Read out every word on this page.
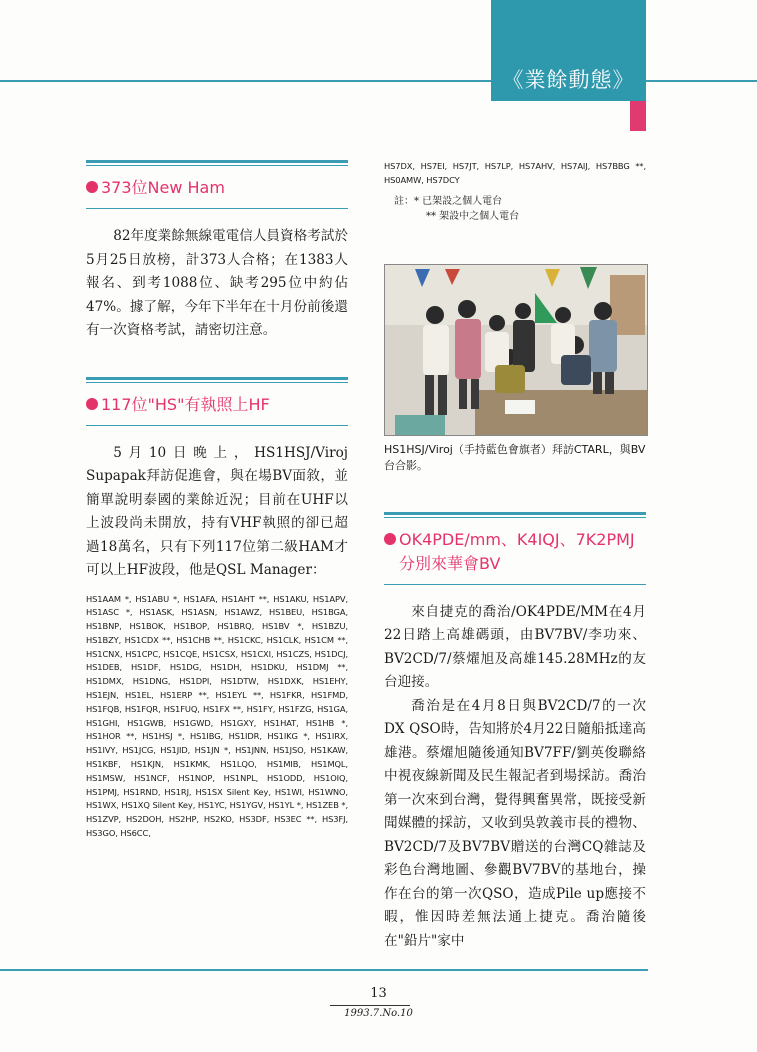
《業餘動態》
373位New Ham

82年度業餘無線電電信人員資格考試於5月25日放榜，計373人合格；在1383人報名、到考1088位、缺考295位中約佔47%。據了解，今年下半年在十月份前後還有一次資格考試，請密切注意。

117位"HS"有執照上HF

5月10日晚上，HS1HSJ/Viroj Supapak拜訪促進會，與在場BV面敘，並簡單說明泰國的業餘近況；目前在UHF以上波段尚未開放，持有VHF執照的卻已超過18萬名，只有下列117位第二級HAM才可以上HF波段，他是QSL Manager：

HS1AAM *, HS1ABU *, HS1AFA, HS1AHT **, HS1AKU, HS1APV, HS1ASC *, HS1ASK, HS1ASN, HS1AWZ, HS1BEU, HS1BGA, HS1BNP, HS1BOK, HS1BOP, HS1BRQ, HS1BV *, HS1BZU, HS1BZY, HS1CDX **, HS1CHB **, HS1CKC, HS1CLK, HS1CM **, HS1CNX, HS1CPC, HS1CQE, HS1CSX, HS1CXI, HS1CZS, HS1DCJ, HS1DEB, HS1DF, HS1DG, HS1DH, HS1DKU, HS1DMJ **, HS1DMX, HS1DNG, HS1DPI, HS1DTW, HS1DXK, HS1EHY, HS1EJN, HS1EL, HS1ERP **, HS1EYL **, HS1FKR, HS1FMD, HS1FQB, HS1FQR, HS1FUQ, HS1FX **, HS1FY, HS1FZG, HS1GA, HS1GHI, HS1GWB, HS1GWD, HS1GXY, HS1HAT, HS1HB *, HS1HOR **, HS1HSJ *, HS1IBG, HS1IDR, HS1IKG *, HS1IRX, HS1IVY, HS1JCG, HS1JID, HS1JN *, HS1JNN, HS1JSO, HS1KAW, HS1KBF, HS1KJN, HS1KMK, HS1LQO, HS1MIB, HS1MQL, HS1MSW, HS1NCF, HS1NOP, HS1NPL, HS1ODD, HS1OIQ, HS1PMJ, HS1RND, HS1RJ, HS1SX Silent Key, HS1WI, HS1WNO, HS1WX, HS1XQ Silent Key, HS1YC, HS1YGV, HS1YL *, HS1ZEB *, HS1ZVP, HS2DOH, HS2HP, HS2KO, HS3DF, HS3EC **, HS3FJ, HS3GO, HS6CC,

HS7DX, HS7EI, HS7JT, HS7LP, HS7AHV, HS7AIJ, HS7BBG **, HS0AMW, HS7DCY

註：* 已架設之個人電台
** 架設中之個人電台
HS1HSJ/Viroj（手持藍色會旗者）拜訪CTARL，與BV台合影。
OK4PDE/mm、K4IQJ、7K2PMJ 分別來華會BV

來自捷克的喬治/OK4PDE/MM在4月22日踏上高雄碼頭，由BV7BV/李功來、BV2CD/7/蔡燿旭及高雄145.28MHz的友台迎接。

喬治是在4月8日與BV2CD/7的一次DX QSO時，告知將於4月22日隨船抵達高雄港。蔡燿旭隨後通知BV7FF/劉英俊聯絡中視夜線新聞及民生報記者到場採訪。喬治第一次來到台灣，覺得興奮異常，既接受新聞媒體的採訪，又收到吳敦義市長的禮物、BV2CD/7及BV7BV贈送的台灣CQ雜誌及彩色台灣地圖、參觀BV7BV的基地台，操作在台的第一次QSO，造成Pile up應接不暇，惟因時差無法通上捷克。喬治隨後在"鉛片"家中

13
1993.7.No.10
